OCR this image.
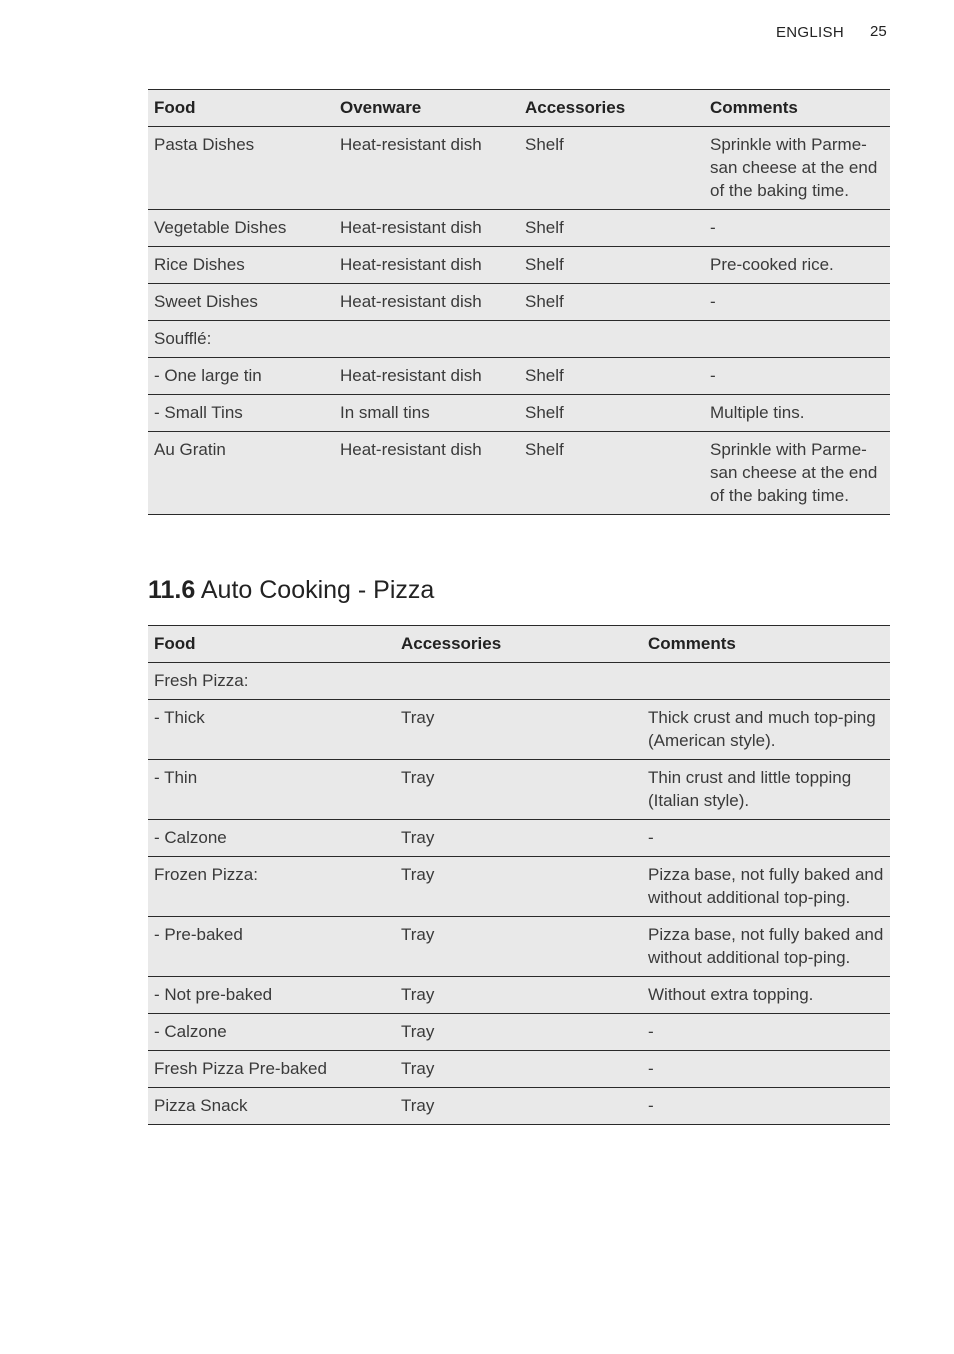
ENGLISH 25
Food	Ovenware	Accessories	Comments
Pasta Dishes	Heat-resistant dish	Shelf	Sprinkle with Parme-san cheese at the end of the baking time.
Vegetable Dishes	Heat-resistant dish	Shelf	-
Rice Dishes	Heat-resistant dish	Shelf	Pre-cooked rice.
Sweet Dishes	Heat-resistant dish	Shelf	-
Soufflé:			
- One large tin	Heat-resistant dish	Shelf	-
- Small Tins	In small tins	Shelf	Multiple tins.
Au Gratin	Heat-resistant dish	Shelf	Sprinkle with Parme-san cheese at the end of the baking time.
11.6 Auto Cooking - Pizza
Food	Accessories	Comments
Fresh Pizza:		
- Thick	Tray	Thick crust and much top-ping (American style).
- Thin	Tray	Thin crust and little topping (Italian style).
- Calzone	Tray	-
Frozen Pizza:	Tray	Pizza base, not fully baked and without additional top-ping.
- Pre-baked	Tray	Pizza base, not fully baked and without additional top-ping.
- Not pre-baked	Tray	Without extra topping.
- Calzone	Tray	-
Fresh Pizza Pre-baked	Tray	-
Pizza Snack	Tray	-
